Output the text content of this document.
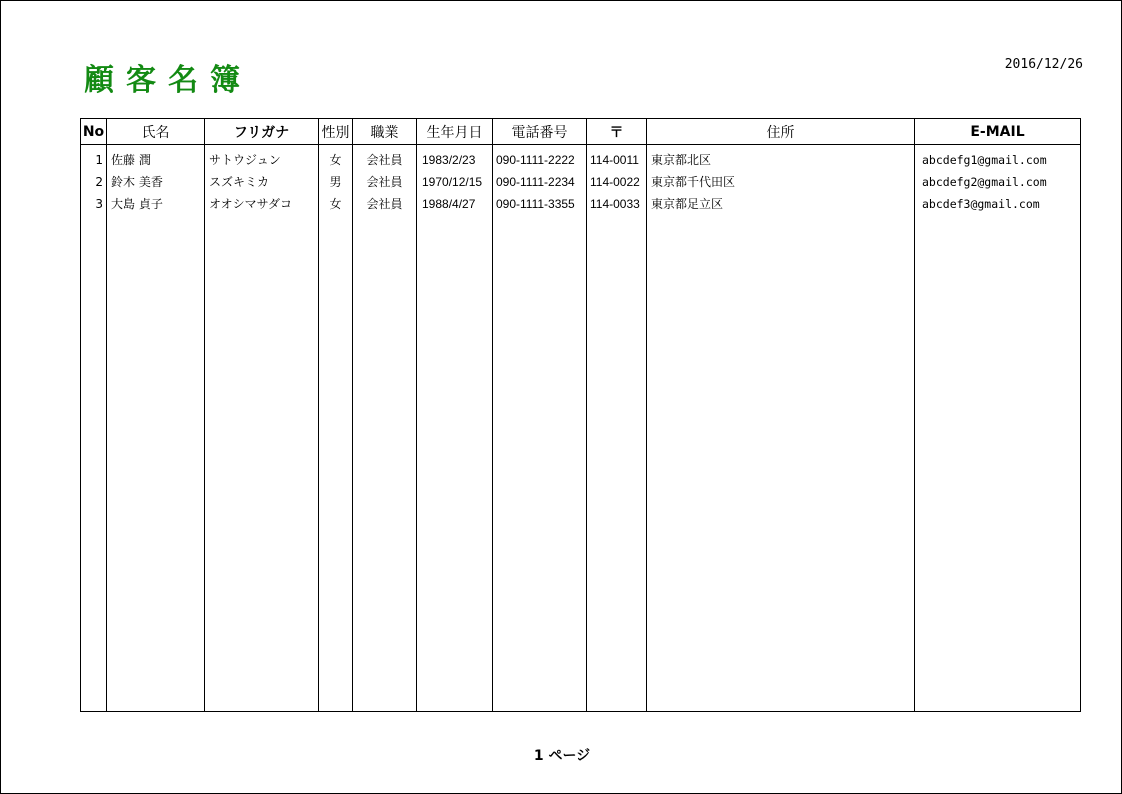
顧客名簿	2016/12/26
No	氏名	フリガナ	性別	職業	生年月日	電話番号	〒	住所	E-MAIL
1	佐藤 潤	サトウジュン	女	会社員	1983/2/23	090-1111-2222	114-0011	東京都北区	abcdefg1@gmail.com
2	鈴木 美香	スズキミカ	男	会社員	1970/12/15	090-1111-2234	114-0022	東京都千代田区	abcdefg2@gmail.com
3	大島 貞子	オオシマサダコ	女	会社員	1988/4/27	090-1111-3355	114-0033	東京都足立区	abcdef3@gmail.com

1 ページ
